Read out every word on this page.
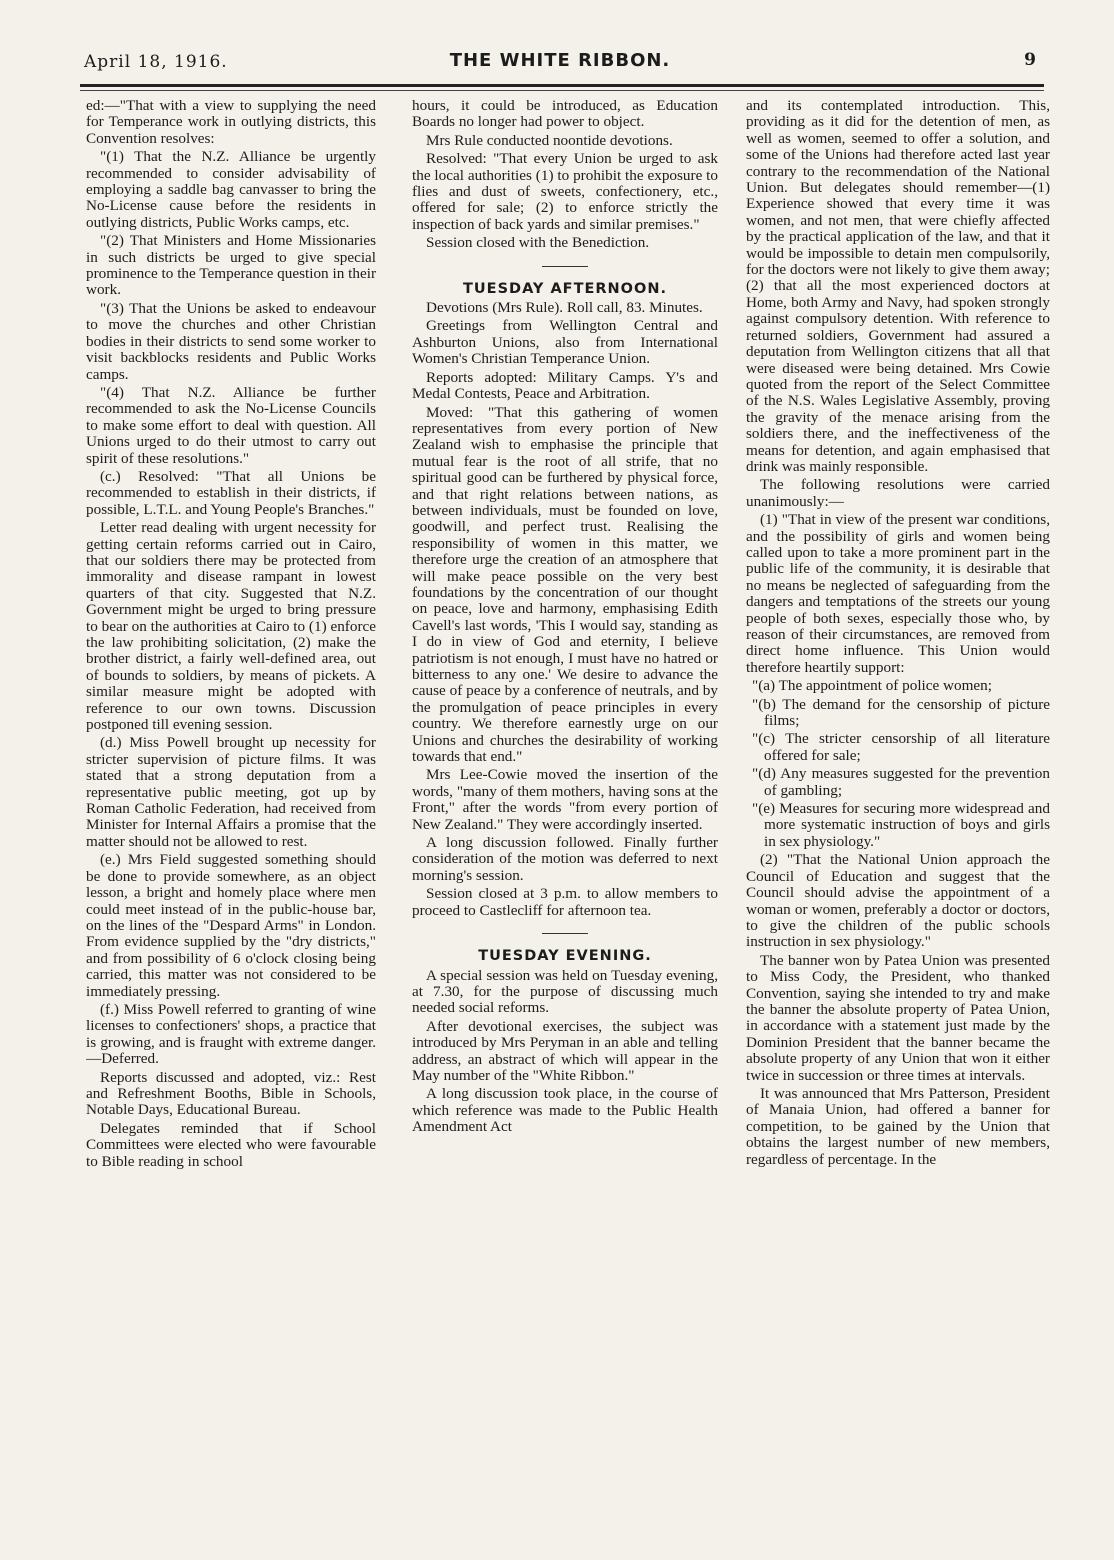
April 18, 1916.	THE WHITE RIBBON.	9

ed:—"That with a view to supplying the need for Temperance work in outlying districts, this Convention resolves:

"(1) That the N.Z. Alliance be urgently recommended to consider advisability of employing a saddle bag canvasser to bring the No-License cause before the residents in outlying districts, Public Works camps, etc.

"(2) That Ministers and Home Missionaries in such districts be urged to give special prominence to the Temperance question in their work.

"(3) That the Unions be asked to endeavour to move the churches and other Christian bodies in their districts to send some worker to visit backblocks residents and Public Works camps.

"(4) That N.Z. Alliance be further recommended to ask the No-License Councils to make some effort to deal with question. All Unions urged to do their utmost to carry out spirit of these resolutions."

(c.) Resolved: "That all Unions be recommended to establish in their districts, if possible, L.T.L. and Young People's Branches."

Letter read dealing with urgent necessity for getting certain reforms carried out in Cairo, that our soldiers there may be protected from immorality and disease rampant in lowest quarters of that city. Suggested that N.Z. Government might be urged to bring pressure to bear on the authorities at Cairo to (1) enforce the law prohibiting solicitation, (2) make the brother district, a fairly well-defined area, out of bounds to soldiers, by means of pickets. A similar measure might be adopted with reference to our own towns. Discussion postponed till evening session.

(d.) Miss Powell brought up necessity for stricter supervision of picture films. It was stated that a strong deputation from a representative public meeting, got up by Roman Catholic Federation, had received from Minister for Internal Affairs a promise that the matter should not be allowed to rest.

(e.) Mrs Field suggested something should be done to provide somewhere, as an object lesson, a bright and homely place where men could meet instead of in the public-house bar, on the lines of the "Despard Arms" in London. From evidence supplied by the "dry districts," and from possibility of 6 o'clock closing being carried, this matter was not considered to be immediately pressing.

(f.) Miss Powell referred to granting of wine licenses to confectioners' shops, a practice that is growing, and is fraught with extreme danger.—Deferred.

Reports discussed and adopted, viz.: Rest and Refreshment Booths, Bible in Schools, Notable Days, Educational Bureau.

Delegates reminded that if School Committees were elected who were favourable to Bible reading in school

hours, it could be introduced, as Education Boards no longer had power to object.

Mrs Rule conducted noontide devotions.

Resolved: "That every Union be urged to ask the local authorities (1) to prohibit the exposure to flies and dust of sweets, confectionery, etc., offered for sale; (2) to enforce strictly the inspection of back yards and similar premises."

Session closed with the Benediction.

TUESDAY AFTERNOON.

Devotions (Mrs Rule). Roll call, 83. Minutes.

Greetings from Wellington Central and Ashburton Unions, also from International Women's Christian Temperance Union.

Reports adopted: Military Camps. Y's and Medal Contests, Peace and Arbitration.

Moved: "That this gathering of women representatives from every portion of New Zealand wish to emphasise the principle that mutual fear is the root of all strife, that no spiritual good can be furthered by physical force, and that right relations between nations, as between individuals, must be founded on love, goodwill, and perfect trust. Realising the responsibility of women in this matter, we therefore urge the creation of an atmosphere that will make peace possible on the very best foundations by the concentration of our thought on peace, love and harmony, emphasising Edith Cavell's last words, 'This I would say, standing as I do in view of God and eternity, I believe patriotism is not enough, I must have no hatred or bitterness to any one.' We desire to advance the cause of peace by a conference of neutrals, and by the promulgation of peace principles in every country. We therefore earnestly urge on our Unions and churches the desirability of working towards that end."

Mrs Lee-Cowie moved the insertion of the words, "many of them mothers, having sons at the Front," after the words "from every portion of New Zealand." They were accordingly inserted.

A long discussion followed. Finally further consideration of the motion was deferred to next morning's session.

Session closed at 3 p.m. to allow members to proceed to Castlecliff for afternoon tea.

TUESDAY EVENING.

A special session was held on Tuesday evening, at 7.30, for the purpose of discussing much needed social reforms.

After devotional exercises, the subject was introduced by Mrs Peryman in an able and telling address, an abstract of which will appear in the May number of the "White Ribbon."

A long discussion took place, in the course of which reference was made to the Public Health Amendment Act

and its contemplated introduction. This, providing as it did for the detention of men, as well as women, seemed to offer a solution, and some of the Unions had therefore acted last year contrary to the recommendation of the National Union. But delegates should remember—(1) Experience showed that every time it was women, and not men, that were chiefly affected by the practical application of the law, and that it would be impossible to detain men compulsorily, for the doctors were not likely to give them away; (2) that all the most experienced doctors at Home, both Army and Navy, had spoken strongly against compulsory detention. With reference to returned soldiers, Government had assured a deputation from Wellington citizens that all that were diseased were being detained. Mrs Cowie quoted from the report of the Select Committee of the N.S. Wales Legislative Assembly, proving the gravity of the menace arising from the soldiers there, and the ineffectiveness of the means for detention, and again emphasised that drink was mainly responsible.

The following resolutions were carried unanimously:—

(1) "That in view of the present war conditions, and the possibility of girls and women being called upon to take a more prominent part in the public life of the community, it is desirable that no means be neglected of safeguarding from the dangers and temptations of the streets our young people of both sexes, especially those who, by reason of their circumstances, are removed from direct home influence. This Union would therefore heartily support:

"(a) The appointment of police women;

"(b) The demand for the censorship of picture films;

"(c) The stricter censorship of all literature offered for sale;

"(d) Any measures suggested for the prevention of gambling;

"(e) Measures for securing more widespread and more systematic instruction of boys and girls in sex physiology."

(2) "That the National Union approach the Council of Education and suggest that the Council should advise the appointment of a woman or women, preferably a doctor or doctors, to give the children of the public schools instruction in sex physiology."

The banner won by Patea Union was presented to Miss Cody, the President, who thanked Convention, saying she intended to try and make the banner the absolute property of Patea Union, in accordance with a statement just made by the Dominion President that the banner became the absolute property of any Union that won it either twice in succession or three times at intervals.

It was announced that Mrs Patterson, President of Manaia Union, had offered a banner for competition, to be gained by the Union that obtains the largest number of new members, regardless of percentage. In the
